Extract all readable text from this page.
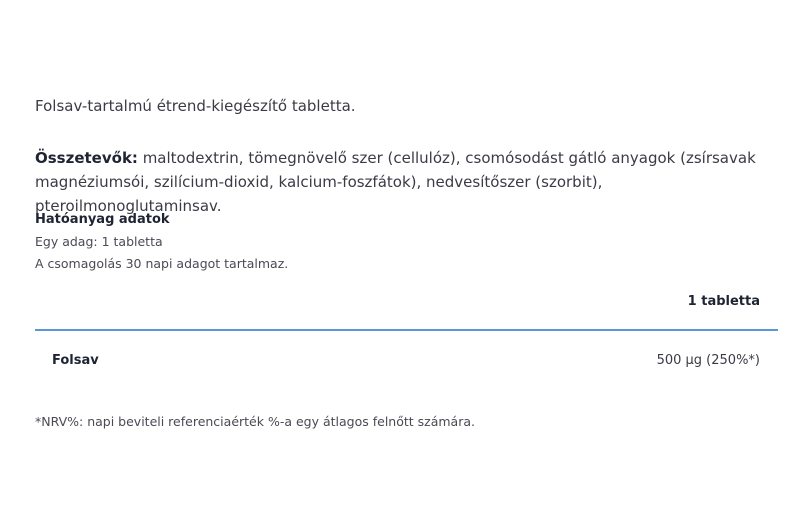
Folsav-tartalmú étrend-kiegészítő tabletta.
Összetevők: maltodextrin, tömegnövelő szer (cellulóz), csomósodást gátló anyagok (zsírsavak magnéziumsói, szilícium-dioxid, kalcium-foszfátok), nedvesítőszer (szorbit), pteroilmonoglutaminsav.
Hatóanyag adatok
Egy adag: 1 tabletta
A csomagolás 30 napi adagot tartalmaz.
1 tabletta
Folsav	500 µg (250%*)
*NRV%: napi beviteli referenciaérték %-a egy átlagos felnőtt számára.
